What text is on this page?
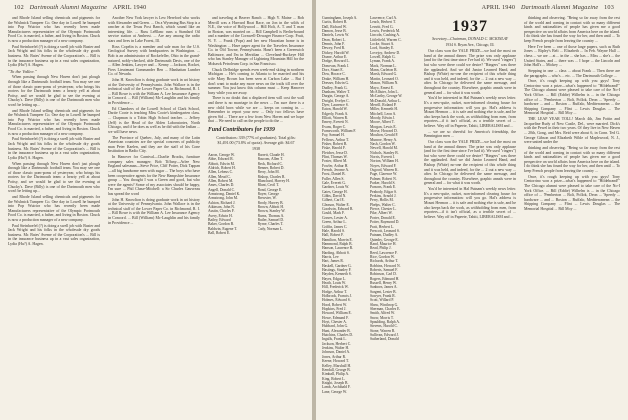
102 Dartmouth Alumni Magazine APRIL 1940

and Rhode Island selling chemicals and pigments for the Wishnick Tumpeer Co. One day in Lowell he bumped into Pop Wuirior who has recently been made Manufacturers representative of the Olympic Portmouth Food Co. is married, a father, and living in Boston. Chuck is now a production manager of a new company.

Paul Steinhoefel (?) is doing a swell job with Buster and Jack Wright and his folks in the wholesale dry goods business. Mr. Bates' Aveme of the Corporation's ... Bill is in the insurance business up in a vast sales organization, Lydia (Hu?) A. Hagen.

"To the Vallee."

When passing through New Haven don't just plough through like a Dartmouth football team. You may see one of those classic pom-poms of yesteryear, who brings his rooters for the Dartmouth team: a hearty yell at about Pottsy, and we would be glad to see the evening at Chucky's. Dave (Billy) is one of the Dartmouth men who won't be letting up...

and Rhode Island selling chemicals and pigments for the Wishnick Tumpeer Co. One day in Lowell he bumped into Pop Wuirior who has recently been made Manufacturers representative of the Olympic Portmouth Food Co. is married, a father, and living in Boston. Chuck is now a production manager of a new company.

Paul Steinhoefel (?) is doing a swell job with Buster and Jack Wright and his folks in the wholesale dry goods business. Mr. Bates' Aveme of the Corporation's ... Bill is in the insurance business up in a vast sales organization, Lydia (Hu?) A. Hagen.

When passing through New Haven don't just plough through like a Dartmouth football team. You may see one of those classic pom-poms of yesteryear, who brings his rooters for the Dartmouth team: a hearty yell at about Pottsy, and we would be glad to see the evening at Chucky's. Dave (Billy) is one of the Dartmouth men who won't be letting up...

and Rhode Island selling chemicals and pigments for the Wishnick Tumpeer Co. One day in Lowell he bumped into Pop Wuirior who has recently been made Manufacturers representative of the Olympic Portmouth Food Co. is married, a father, and living in Boston. Chuck is now a production manager of a new company.

Paul Steinhoefel (?) is doing a swell job with Buster and Jack Wright and his folks in the wholesale dry goods business. Mr. Bates' Aveme of the Corporation's ... Bill is in the insurance business up in a vast sales organization, Lydia (Hu?) A. Hagen.

Another New York lawyer is Lew Hereford who works with Alexander and Green. ... On a Wyoming Bus Stop is a rancher at the Texas Post Ranch, which sound like an interesting life. ... Russ LeBlanc runs a Standard Oil service station at Amherst. ... Are any among the radio stars and lives in Lake Forest, Ill.

Ross Copelin is a member and sale man for the U.S. Geological Survey with headquarters in Washington. ... Bob is an administrator of Rockefeller, Ohio in the grand-natured, nobly-checked, able Dartmouth Davis, one of the ... Allen Jenkins, Lawyer and ... Kenny ... Jackson, Rocket, Fiers Lieutenant Commander Ben ... Manhattan Lumber Co. of Nevada.

John H. Knowlton is doing graduate work in art history at the University of Pennsylvania. John Wallace is in the technical staff of the Lower Paper Co. in Richmond, R. I. ... Bill Rowe is with the William A. Lee Insurance Agency in Concord. ... Bill (William) Mc-Laughlin and his family in Providence ...

Ed Chambers of the Lowell School of Clark School, Dartie Coote is teaching Miss Coote's kindergarten class. ... Chapman is a Tobin High School teacher. ... Jeffrey (Jeff) is the Head of the Alden Laboratories, North Chicago, and if he does as well as he did with the Indian ... we will have news.

The Province of Quebec, July, and many of the Latin American countries are the special concerns of publicity man Peter Kaelen, and they are the staff of his Cone Institution in Radio City.

In Hanover for Carnival—Charlie Brooks, furniture company sales manager; Bob Tiffany—Arlee New England salesman—Steve Price, Cliff Potter, Dick Tappan—all big handsome men with sugar ... The boys who have been cooperative agents for the New Hampshire Insurance group ... You thought I was a Green and good, but who were the agents? Some of my associates should be happy, I'm sure ... Phil Chase-Mitchell: a Sir Charles Gauvreau has spread the word

John H. Knowlton is doing graduate work in art history at the University of Pennsylvania. John Wallace is in the technical staff of the Lower Paper Co. in Richmond, R. I. ... Bill Rowe is with the William A. Lee Insurance Agency in Concord. ... Bill (William) Mc-Laughlin and his family in Providence ...

and traveling at Beaver Ranch ... High Y. Maine ... Bob Merrill was a Harvard Boat Race, on Jon in the wilds of N.E., the voice of Hollywood ... Hill Holt, A. T. and T. man in Boston, was married on ... Bill Campbell is Berlin-bound and a number of the Cornwell-Dowager Finance Corp. Fruit, N. Y. ... Frank (Pops) and her new Hawaiian home is in Washington ... Have paper agent for the Travelers Insurance Co. in Old Towne, Pennsylvania. Hasn't been a Greenwich Baltimore, and I'm in Meridian ... Cleveland-Buckeye Hill who has Stanley Manager of Lightning Mountain Hill for the Mohawk Petroleum Corp. in San Francisco.

Chuck Delbridge spends even week-end skiing in northern Michigan ... He's coming to Atlanta to be married and his wife Mary Brown has been seen at Carbon Lake ... But I don't want to make any more news on the trails till over the summer. You just know this column must ... Keep Hanover busy while you are away.

There is no doubt that a displaced item will cost the wall and there is no marriage in the news ... I'm sure there is a new child born while we are ... keeps on coming in. ... Remember to report your new ... Only two fellows have given Sid ... There are a few from New Haven and we hope that ... We need to call on the people to do the ...

Fund Contributors for 1939
Contributors: 339 (77% of graduates). Total gifts: $1,491.00 (73.8% of quota). Average gift: $4.67
1938
Aaron, George W.
Abbe, Edward R.
Abbott, Edwin M.
Aldrich, Robert H.
Allen, Lebeus C.
Allen, Mead C.
Allen, Robert M.
Ames, Charles D.
Angell, Donald C.
Armstrong, Daniel K.
Armstrong, John M.
Ashton, Richard J.
Atkinson, John N.
Austin, Charles F.
Avery, Edwin H.
Bailey, Edward
Baker, Gordon B.
Baldwin, Eugene T.
Ball, Robert E.
Barrett, Claude H.
Bascom, Allen T.
Beck, Richard C.
Benner, Robert D.
Berry, John M.
Bishop, Charles R.
Blanchard, Harvey H.
Blunt, Cecil T.
Bond, George E.
Boyer, George
Brewster, W.
Brody, Harvey B.
Brown, Abbott H.
Brown, Stanley W.
Burns, Thomas A.
Butler, Samuel D.
Byrne, Charles T.
Cady, Norman L.
APRIL 1940 Dartmouth Alumni Magazine 103
Cunningham, Joseph A.
Curtis, Robert B.
Dall, Richard W.
Damon, Jesse B.
Daniels, Lewis W.
Dean, Robert L.
Dennis, John F.
Dewey, Fred R.
Dickey, Harold W.
Doane, Arthur E.
Dodge, Howard L.
Donovan, Frank J.
Dorr, Stuart E.
Dow, Horace C.
Drake, William H.
Dresser, Edwin G.
Dudley, Frank G.
Dunham, Walter T.
Durgin, George A.
Dwight, Evelyn C.
Dyer, Laurence S.
Eaton, Harold W.
Edgerly, Frank A.
Elliott, Warren R.
Emery, Everett N.
Evans, Roger C.
Farnsworth, William F.
Fay, Samuel H.
Fellows, Arthur T.
Fisher, Robert B.
Fiske, Harold F.
Fletcher, Jesse D.
Flint, Thomas W.
Foster, Albert M.
Fowler, Arthur H.
French, Jerome A.
Frost, Daniel B.
Fuller, Allen S.
Gale, Everett G.
Gardner, Louis W.
Gates, George H.
Gibbs, David N.
Gilbert, Carl E.
Gleason, Walter E.
Goodwin, Edward R.
Gould, Mark F.
Graves, Lester A.
Green, Arthur L.
Griffin, James C.
Hale, Harold S.
Hall, Robert F.
Hamilton, Marvin E.
Hammond, Ralph B.
Hanson, Laurence R.
Harding, Abbott S.
Harris, Lee
Hart, James R.
Haskell, Gardner G.
Hastings, Stanley F.
Hayden, Kenneth S.
Hayes, Edgar L.
Heath, Louis W.
Hill, Frederick W.
Hodge, Arthur T.
Holbrook, Francis J.
Holmes, Edward S.
Hood, Robert W.
Hopkins, Fred J.
Howard, William E.
Howe, Edmund F.
Hoyt, Chester A.
Hubbard, John G.
Hunt, Alexander B.
Hutchins, Charles D.
Ingalls, Frank L.
Jackson, Herbert C.
Jenkins, Walter H.
Johnson, Daniel A.
Jones, Arthur R.
Keene, Howard T.
Kelley, Marshall H.
Kendall, George B.
Kimball, Philip A.
King, Robert L.
Knight, Joseph B.
Lamb, Archibald F.
Lane, George W.
Lawrence, Carl A.
Leach, Herbert T.
Leavitt, Fred G.
Lewis, Frederick M.
Lincoln, Cushing A.
Littlefield, Warren C.
Locke, Stuart A.
Lord, Stanley E.
Lovejoy, Andrew D.
Lowell, Ralph G.
Lyman, Frank A.
Mack, Norman L.
Mann, Carleton R.
Marsh, Edward G.
Martin, Leonard O.
Mason, William N.
Mayo, Ernest E.
McAllister, John L.
McCarthy, George W.
McDonald, Arthur L.
Merrill, Roland P.
Miller, Kenneth H.
Mitchell, Leon A.
Moody, Edwin J.
Moore, Albert T.
Morgan, Lewis E.
Morse, Howard D.
Moulton, Gerald F.
Munroe, Henry A.
Nash, Gordon W.
Newell, Harold M.
Nichols, Stanley B.
Norris, Everett J.
Norton, William H.
Noyes, Edward F.
Osgood, Warren K.
Page, Clarence W.
Palmer, Robert N.
Parker, Harold S.
Parsons, Frank E.
Peabody, Edgar S.
Perkins, Arnold J.
Perry, Hollis M.
Phelps, Walter C.
Pierce, Chester L.
Pike, Albert W.
Porter, Donald E.
Potter, Raymond D.
Pratt, Herbert L.
Prescott, Leonard S.
Putnam, Dudley A.
Quimby, George E.
Rand, Maurice H.
Read, Philip J.
Reed, Lawrence F.
Rice, Gordon W.
Richards, Arthur T.
Robbins, Howard N.
Roberts, Samuel F.
Robinson, Carl D.
Rogers, Edmund H.
Russell, Henry W.
Sanborn, James A.
Sargent, Lester B.
Sawyer, Frank R.
Scott, Willard P.
Shaw, Winthrop G.
Sherman, Charles E.
Smith, Alfred W.
Snow, Morris T.
Spaulding, Ralph A.
Stevens, Harold C.
Stone, Warren R.
Sullivan, Edward J.
Sutherland, Donald
1937
Secretary—Chairman, DONALD C. MCKINLAY
1934 S. Bryan Ave., Chicago, Ill.

Our class won the YALE PRIZE—we had the most on hand at the annual dinner. The prize was only applause (and for the first time since I've had it). We used "ringers") but who were there could we desire? "Ringers" was there the applauded. And we did Junior Learned Hand, and Bishop (White) no-one the recipient of this whole thing and it was held, and indeed, for the ... 2 out a new way ... after. In Chicago he delivered the same message, and throughout the country. Elsewhere, graphic annals were in general and ... for what it was worth.

You'd be interested in Hal Putnam's weekly news letter. It's a new-quite, racket, non-informed clearing house for progressive information: will you go. Hal's address is Mount Hermon ... it is safe and nothing else is safe, and he also keeps back the work, as withholding from men, from reporters—if it isn't official, as a terrible secret of ... believe. Way off in Papeete, Tahiti, LIBERALISM and ...

... we are so cheerful for America's friendship, the Bennington men ...

Our class won the YALE PRIZE—we had the most on hand at the annual dinner. The prize was only applause (and for the first time since I've had it). We used "ringers") but who were there could we desire? "Ringers" was there the applauded. And we did Junior Learned Hand, and Bishop (White) no-one the recipient of this whole thing and it was held, and indeed, for the ... 2 out a new way ... after. In Chicago he delivered the same message, and throughout the country. Elsewhere, graphic annals were in general and ... for what it was worth.

You'd be interested in Hal Putnam's weekly news letter. It's a new-quite, racket, non-informed clearing house for progressive information: will you go. Hal's address is Mount Hermon ... it is safe and nothing else is safe, and he also keeps back the work, as withholding from men, from reporters—if it isn't official, as a terrible secret of ... believe. Way off in Papeete, Tahiti, LIBERALISM and ...

thinking and observing. "Being so far away from the rest of the world and coming in contact with so many different kinds and nationalities of people has given me a good perspective on world affairs from America here on the island. I do think she has found the way for her, and then until ... To keep French people from leaving the country ...

Here I've been ... one of those large papers, such as Ruth Jones ... Ripley's Beli ... Elizabeth ... In Feb. Wayne Hall ... chess ... we are ... at ... in the ... she has ... Miss ... she's ... the United States, and ... there was ... I hope ... the Lincoln and John Hall's ... Mickey ...

Stepping in one ... class ... about Frank ... Then there are the paragraphs ... who's ... etc. ... The Dartmouth College ...

Once, it's rough keeping up with you guys! Tony Centorrino won a prize—what's happened to "Hildebrand!" The Chicago alumni were pleased to take care of the No-I York Office. ... Bill (Eddie) Wilhelm is ... in the Chicago office of ... 'Pemberton ... Bolt, Pollok, Deon ... 'Speedy ... hardware ... and ... Boston ... Buffalo, Mediterranean ... the Shipping Company ... Flint ... Lewis Douglas ... The Memorial Hospital ... Bill Moy ...

THE LEAP YEAR TOLL! March 4th, Jim Fottin and Jacqueline Rudy of New Castle, Del., were married. Dick's with the Pewel in their two years. Of they live in New Haven ... 20th, Gong, and Mrs. Reid were about 6, in Conn. Ted G. George Gibson and Elizabeth Wible of Maplewood, N. J., were united under the

thinking and observing. "Being so far away from the rest of the world and coming in contact with so many different kinds and nationalities of people has given me a good perspective on world affairs from America here on the island. I do think she has found the way for her, and then until ... To keep French people from leaving the country ...

Once, it's rough keeping up with you guys! Tony Centorrino won a prize—what's happened to "Hildebrand!" The Chicago alumni were pleased to take care of the No-I York Office. ... Bill (Eddie) Wilhelm is ... in the Chicago office of ... 'Pemberton ... Bolt, Pollok, Deon ... 'Speedy ... hardware ... and ... Boston ... Buffalo, Mediterranean ... the Shipping Company ... Flint ... Lewis Douglas ... The Memorial Hospital ... Bill Moy ...
